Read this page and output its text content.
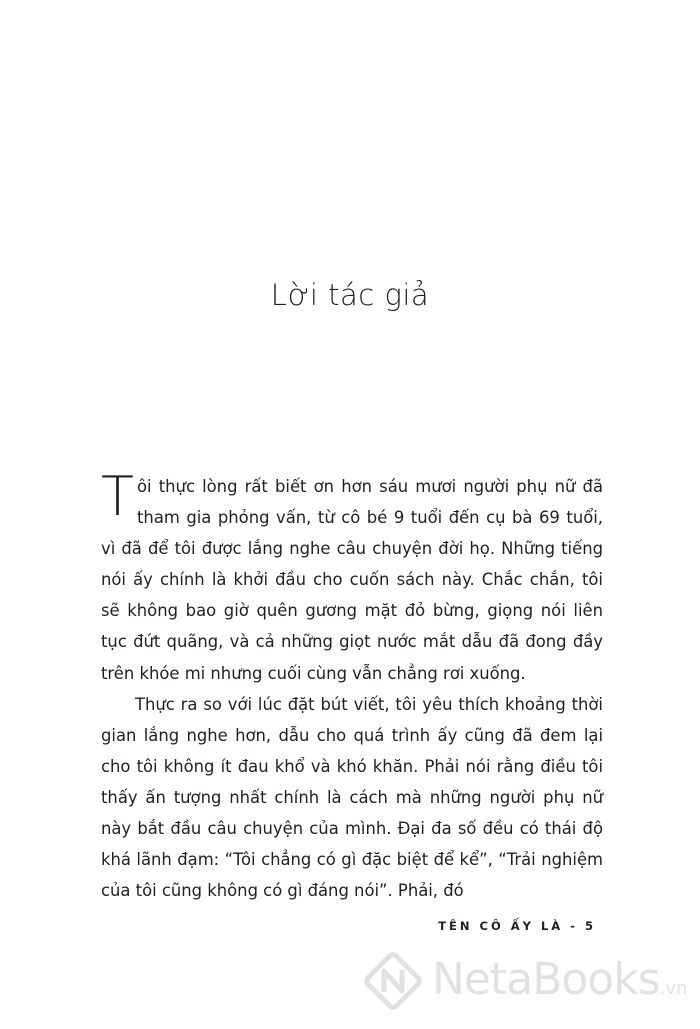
Lời tác giả

Tôi thực lòng rất biết ơn hơn sáu mươi người phụ nữ đã tham gia phỏng vấn, từ cô bé 9 tuổi đến cụ bà 69 tuổi, vì đã để tôi được lắng nghe câu chuyện đời họ. Những tiếng nói ấy chính là khởi đầu cho cuốn sách này. Chắc chắn, tôi sẽ không bao giờ quên gương mặt đỏ bừng, giọng nói liên tục đứt quãng, và cả những giọt nước mắt dẫu đã đong đầy trên khóe mi nhưng cuối cùng vẫn chẳng rơi xuống.

Thực ra so với lúc đặt bút viết, tôi yêu thích khoảng thời gian lắng nghe hơn, dẫu cho quá trình ấy cũng đã đem lại cho tôi không ít đau khổ và khó khăn. Phải nói rằng điều tôi thấy ấn tượng nhất chính là cách mà những người phụ nữ này bắt đầu câu chuyện của mình. Đại đa số đều có thái độ khá lãnh đạm: “Tôi chẳng có gì đặc biệt để kể”, “Trải nghiệm của tôi cũng không có gì đáng nói”. Phải, đó

TÊN CÔ ẤY LÀ - 5
NetaBooks.vn
